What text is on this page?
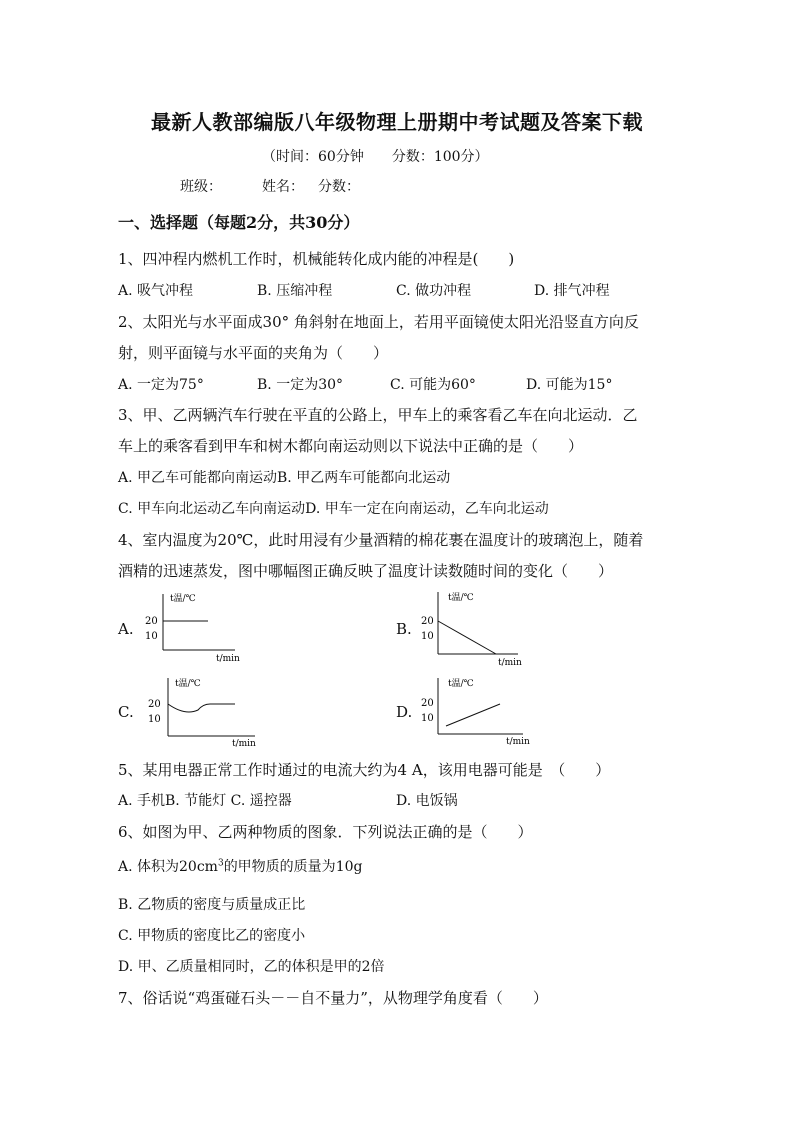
最新人教部编版八年级物理上册期中考试题及答案下载
（时间：60分钟　　分数：100分）
班级：	姓名： 分数：
一、选择题（每题2分，共30分）
1、四冲程内燃机工作时，机械能转化成内能的冲程是(　　)
A. 吸气冲程	B. 压缩冲程	C. 做功冲程	D. 排气冲程
2、太阳光与水平面成30° 角斜射在地面上，若用平面镜使太阳光沿竖直方向反
射，则平面镜与水平面的夹角为（　　）
A. 一定为75°	B. 一定为30°	C. 可能为60°	D. 可能为15°
3、甲、乙两辆汽车行驶在平直的公路上，甲车上的乘客看乙车在向北运动．乙
车上的乘客看到甲车和树木都向南运动则以下说法中正确的是（　　）
A. 甲乙车可能都向南运动B. 甲乙两车可能都向北运动
C. 甲车向北运动乙车向南运动D. 甲车一定在向南运动，乙车向北运动
4、室内温度为20℃，此时用浸有少量酒精的棉花裹在温度计的玻璃泡上，随着
酒精的迅速蒸发，图中哪幅图正确反映了温度计读数随时间的变化（　　）
A.
t温/℃
20
10
t/min
B.
t温/℃
20
10
t/min
C.
t温/℃
20
10
t/min
D.
t温/℃
20
10
t/min
5、某用电器正常工作时通过的电流大约为4 A，该用电器可能是　（　　）
A. 手机B. 节能灯 C. 遥控器	D. 电饭锅
6、如图为甲、乙两种物质的图象．下列说法正确的是（　　）
A. 体积为$20cm^3$的甲物质的质量为10g
B. 乙物质的密度与质量成正比
C. 甲物质的密度比乙的密度小
D. 甲、乙质量相同时，乙的体积是甲的2倍
7、俗话说“鸡蛋碰石头－－自不量力”，从物理学角度看（　　）
